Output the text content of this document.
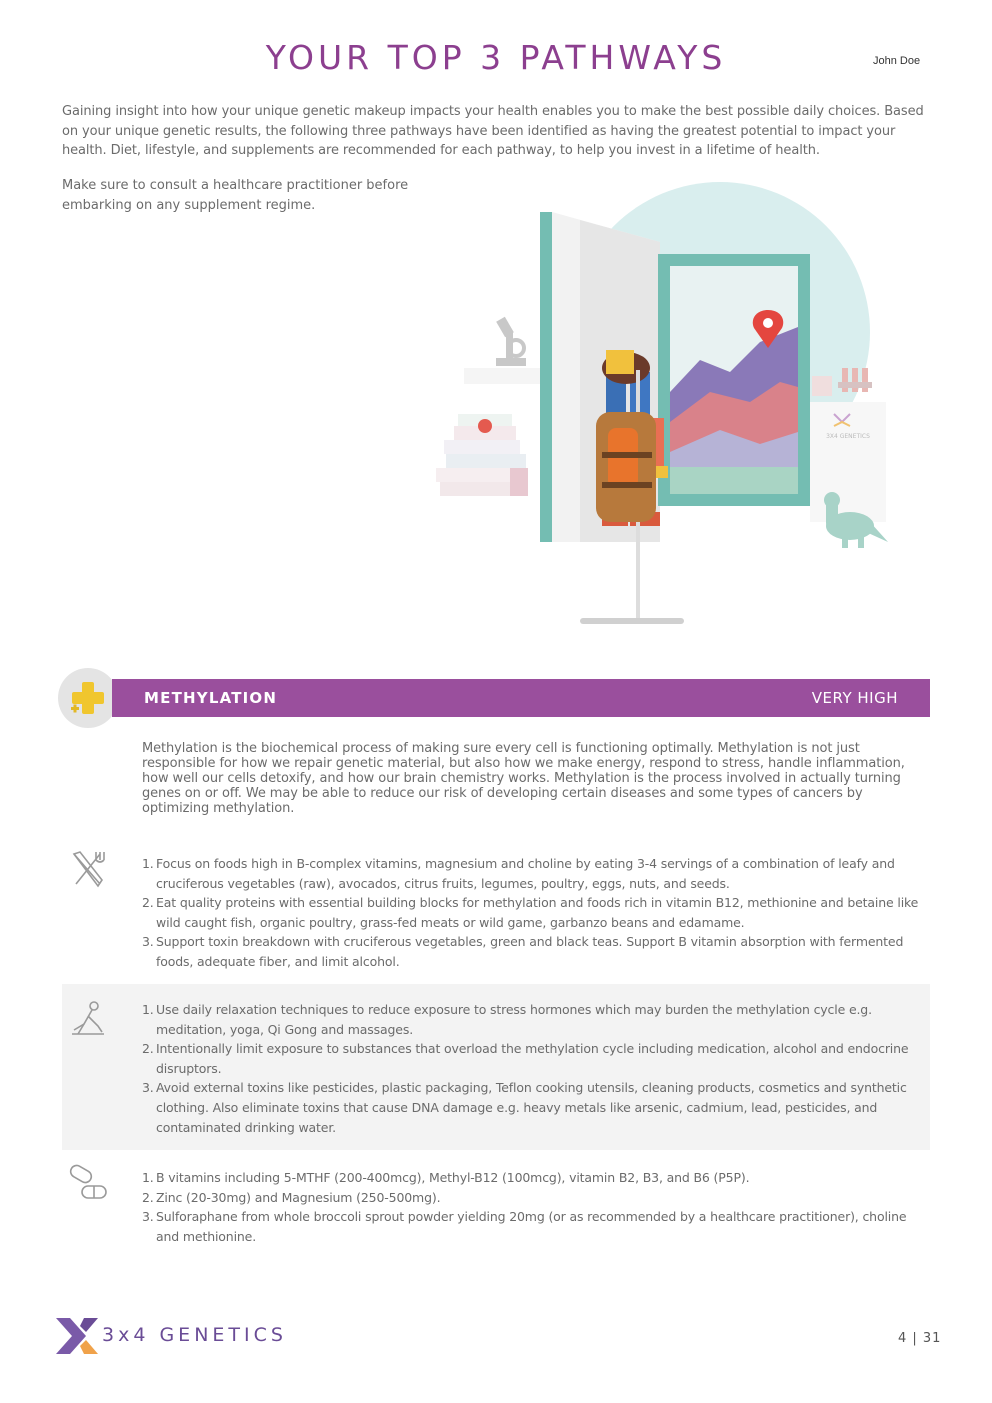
YOUR TOP 3 PATHWAYS	John Doe

Gaining insight into how your unique genetic makeup impacts your health enables you to make the best possible daily choices. Based on your unique genetic results, the following three pathways have been identified as having the greatest potential to impact your health. Diet, lifestyle, and supplements are recommended for each pathway, to help you invest in a lifetime of health.

Make sure to consult a healthcare practitioner before embarking on any supplement regime.

3X4 GENETICS
METHYLATION	VERY HIGH

Methylation is the biochemical process of making sure every cell is functioning optimally. Methylation is not just responsible for how we repair genetic material, but also how we make energy, respond to stress, handle inflammation, how well our cells detoxify, and how our brain chemistry works. Methylation is the process involved in actually turning genes on or off. We may be able to reduce our risk of developing certain diseases and some types of cancers by optimizing methylation.

1. Focus on foods high in B-complex vitamins, magnesium and choline by eating 3-4 servings of a combination of leafy and cruciferous vegetables (raw), avocados, citrus fruits, legumes, poultry, eggs, nuts, and seeds.
2. Eat quality proteins with essential building blocks for methylation and foods rich in vitamin B12, methionine and betaine like wild caught fish, organic poultry, grass-fed meats or wild game, garbanzo beans and edamame.
3. Support toxin breakdown with cruciferous vegetables, green and black teas. Support B vitamin absorption with fermented foods, adequate fiber, and limit alcohol.
1. Use daily relaxation techniques to reduce exposure to stress hormones which may burden the methylation cycle e.g. meditation, yoga, Qi Gong and massages.
2. Intentionally limit exposure to substances that overload the methylation cycle including medication, alcohol and endocrine disruptors.
3. Avoid external toxins like pesticides, plastic packaging, Teflon cooking utensils, cleaning products, cosmetics and synthetic clothing. Also eliminate toxins that cause DNA damage e.g. heavy metals like arsenic, cadmium, lead, pesticides, and contaminated drinking water.
1. B vitamins including 5-MTHF (200-400mcg), Methyl-B12 (100mcg), vitamin B2, B3, and B6 (P5P).
2. Zinc (20-30mg) and Magnesium (250-500mg).
3. Sulforaphane from whole broccoli sprout powder yielding 20mg (or as recommended by a healthcare practitioner), choline and methionine.
3x4 GENETICS	4 | 31
